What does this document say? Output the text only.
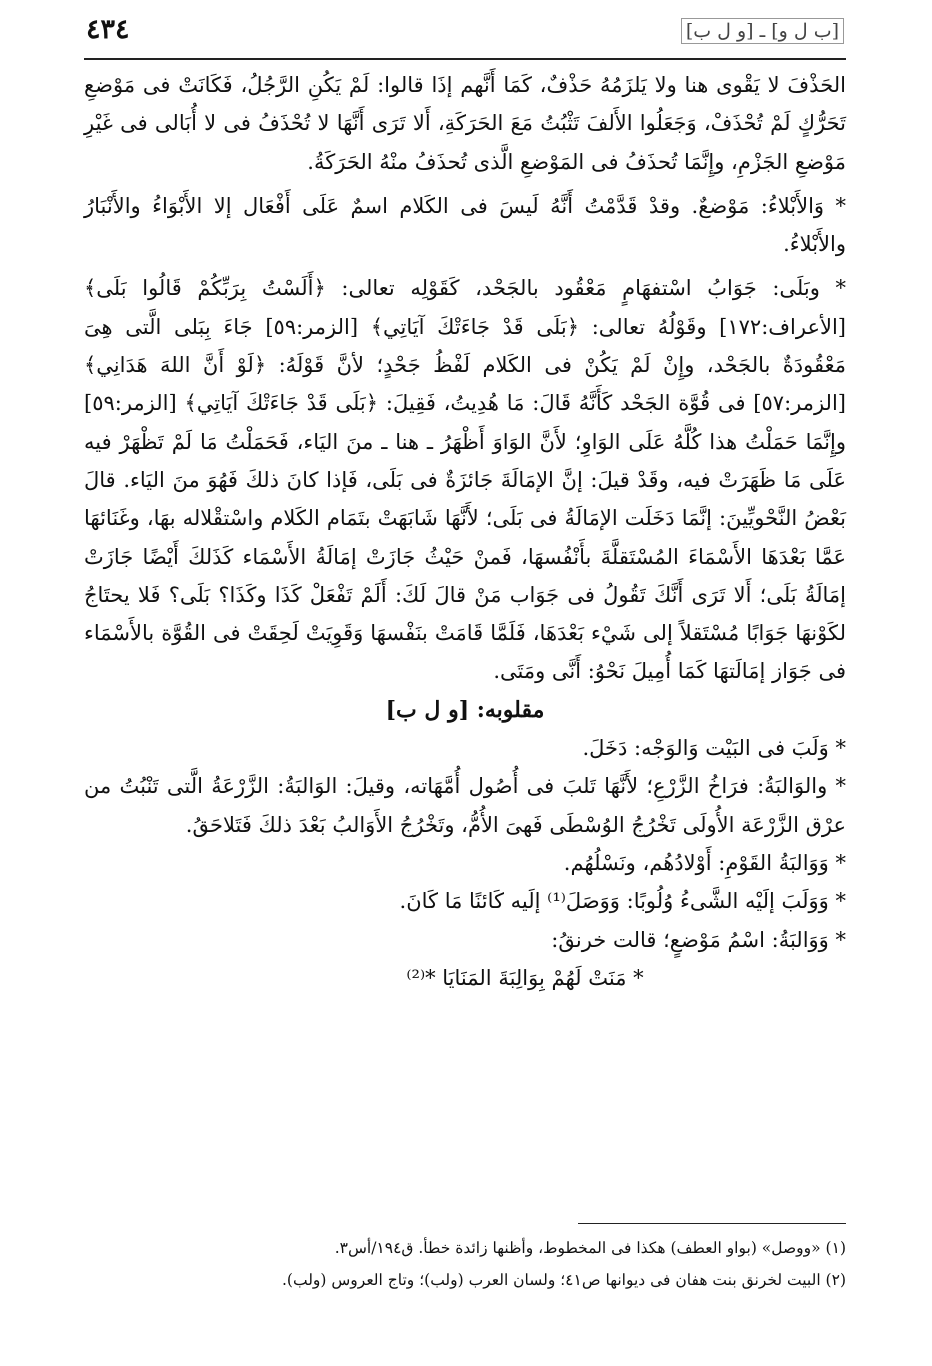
٤٣٤	[ب ل و] ـ [و ل ب]

الحَذْفَ لا يَقْوى هنا ولا يَلزَمُهُ حَذْفٌ، كَمَا أَنَّهم إذَا قالوا: لَمْ يَكُنِ الرَّجُلُ، فَكَانَتْ فى مَوْضعِ تَحَرُّكٍ لَمْ تُحْذَفْ، وَجَعَلُوا الأَلفَ تَثْبُتُ مَعَ الحَرَكَةِ، أَلا تَرَى أَنَّهَا لا تُحْذَفُ فى لا أُبَالى فى غَيْرِ مَوْضعِ الجَزْمِ، وإِنَّمَا تُحذَفُ فى المَوْضعِ الَّذى تُحذَفُ منْهُ الحَرَكَةُ.

* وَالأَبْلاءُ: مَوْضعٌ. وقدْ قَدَّمْتُ أَنَّهُ لَيسَ فى الكَلام اسمٌ عَلَى أَفْعَال إلا الأَبْوَاءُ والأَنْبَارُ والأَبْلاءُ.

* وبَلَى: جَوَابُ اسْتفهَامٍ مَعْقُود بالجَحْد، كَقَوْلِه تعالى: ﴿أَلَسْتُ بِرَبِّكُمْ قَالُوا بَلَى﴾ [الأعراف:١٧٢] وقَوْلُهُ تعالى: ﴿بَلَى قَدْ جَاءَتْكَ آيَاتِي﴾ [الزمر:٥٩] جَاءَ بِبَلى الَّتى هِىَ مَعْقُودَةٌ بالجَحْد، وإِنْ لَمْ يَكُنْ فى الكَلام لَفْظُ جَحْدٍ؛ لأنَّ قَوْلَهُ: ﴿لَوْ أَنَّ اللهَ هَدَانِي﴾ [الزمر:٥٧] فى قُوَّة الجَحْد كَأَنَّهُ قَالَ: مَا هُدِيتُ، فَقِيلَ: ﴿بَلَى قَدْ جَاءَتْكَ آيَاتِي﴾ [الزمر:٥٩] وإِنَّمَا حَمَلْتُ هذا كُلَّهُ عَلَى الوَاوِ؛ لأَنَّ الوَاوَ أَظْهَرُ ـ هنا ـ منَ اليَاء، فَحَمَلْتُ مَا لَمْ تَظْهَرْ فيه عَلَى مَا ظَهَرَتْ فيه، وقَدْ قيلَ: إنَّ الإمَالَةَ جَائزَةٌ فى بَلَى، فَإذا كانَ ذلكَ فَهُوَ منَ اليَاء. قالَ بَعْضُ النَّحْويِّينَ: إنَّمَا دَخَلَت الإمَالَةُ فى بَلَى؛ لأَنَّهَا شَابَهَتْ بتَمَام الكَلام واسْتقْلاله بهَا، وغَنَائهَا عَمَّا بَعْدَهَا الأَسْمَاءَ المُسْتَقلَّةَ بأَنْفُسهَا، فَمنْ حَيْثُ جَازَتْ إمَالَةُ الأَسْمَاء كَذَلكَ أَيْضًا جَازَتْ إمَالَةُ بَلَى؛ أَلا تَرَى أَنَّكَ تَقُولُ فى جَوَاب مَنْ قالَ لَكَ: أَلَمْ تَفْعَلْ كَذَا وكَذَا؟ بَلَى؟ فَلا يحتَاجُ لكَوْنهَا جَوَابًا مُسْتَقلاً إلى شَيْء بَعْدَهَا، فَلَمَّا قَامَتْ بنَفْسهَا وَقَوِيَتْ لَحِقَتْ فى القُوَّة بالأَسْمَاء فى جَوَاز إمَالَتهَا كَمَا أُمِيلَ نَحْوُ: أَنَّى ومَتَى.

مقلوبه: [و ل ب]

* وَلَبَ فى البَيْت وَالوَجْه: دَخَلَ.

* والوَالبَةُ: فرَاخُ الزَّرْعِ؛ لأَنَّهَا تَلبَ فى أُصُول أُمَّهَاته، وقيلَ: الوَالبَةُ: الزَّرْعَةُ الَّتى تَنْبُتُ من عرْق الزَّرْعَة الأُولَى تَخْرُجُ الوُسْطَى فَهىَ الأُمُّ، وتَخْرُجُ الأَوَالبُ بَعْدَ ذلكَ فَتَلاحَقُ.

* وَوَالبَةُ القَوْمِ: أَوْلادُهُم، ونَسْلُهُم.

* وَوَلَبَ إلَيْه الشَّىءُ وُلُوبًا: وَوَصَلَ⁽¹⁾ إلَيه كَائنًا مَا كَانَ.

* وَوَالبَةُ: اسْمُ مَوْضعٍ؛ قالت خرنقُ:

* مَنَتْ لَهُمْ بِوَالِبَةَ المَنَايَا *⁽²⁾

(١) «ووصل» (بواو العطف) هكذا فى المخطوط، وأظنها زائدة خطأ. ق١٩٤/أس٣.

(٢) البيت لخرنق بنت هفان فى ديوانها ص٤١؛ ولسان العرب (ولب)؛ وتاج العروس (ولب).
